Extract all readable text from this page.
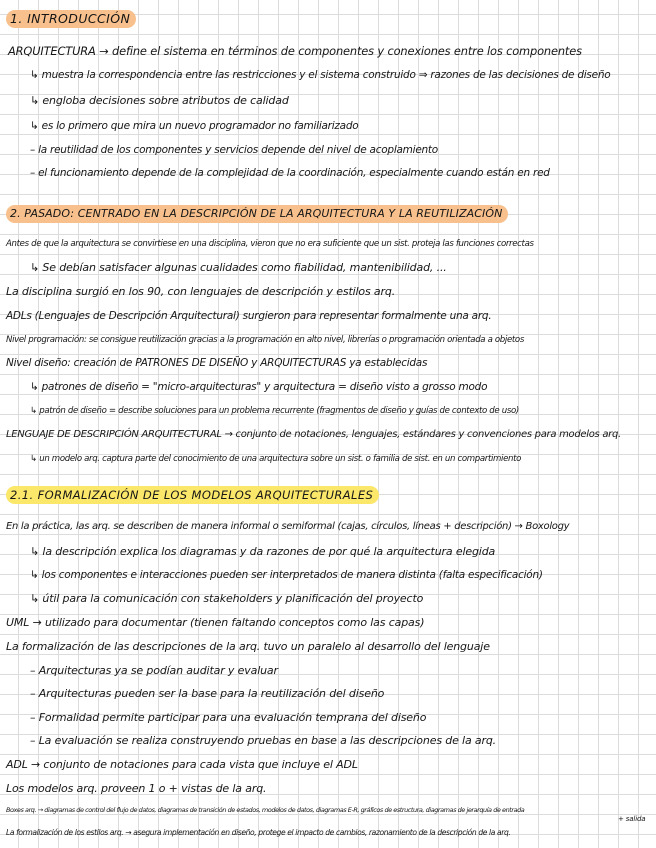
1. INTRODUCCIÓN
ARQUITECTURA → define el sistema en términos de componentes y conexiones entre los componentes
↳ muestra la correspondencia entre las restricciones y el sistema construido ⇒ razones de las decisiones de diseño
↳ engloba decisiones sobre atributos de calidad
↳ es lo primero que mira un nuevo programador no familiarizado
– la reutilidad de los componentes y servicios depende del nivel de acoplamiento
– el funcionamiento depende de la complejidad de la coordinación, especialmente cuando están en red
2. PASADO: CENTRADO EN LA DESCRIPCIÓN DE LA ARQUITECTURA Y LA REUTILIZACIÓN
Antes de que la arquitectura se convirtiese en una disciplina, vieron que no era suficiente que un sist. proteja las funciones correctas
↳ Se debían satisfacer algunas cualidades como fiabilidad, mantenibilidad, ...
La disciplina surgió en los 90, con lenguajes de descripción y estilos arq.
ADLs (Lenguajes de Descripción Arquitectural) surgieron para representar formalmente una arq.
Nivel programación: se consigue reutilización gracias a la programación en alto nivel, librerías o programación orientada a objetos
Nivel diseño: creación de PATRONES DE DISEÑO y ARQUITECTURAS ya establecidas
↳ patrones de diseño = "micro-arquitecturas" y arquitectura = diseño visto a grosso modo
↳ patrón de diseño = describe soluciones para un problema recurrente (fragmentos de diseño y guías de contexto de uso)
LENGUAJE DE DESCRIPCIÓN ARQUITECTURAL → conjunto de notaciones, lenguajes, estándares y convenciones para modelos arq.
↳ un modelo arq. captura parte del conocimiento de una arquitectura sobre un sist. o familia de sist. en un compartimiento
2.1. FORMALIZACIÓN DE LOS MODELOS ARQUITECTURALES
En la práctica, las arq. se describen de manera informal o semiformal (cajas, círculos, líneas + descripción) → Boxology
↳ la descripción explica los diagramas y da razones de por qué la arquitectura elegida
↳ los componentes e interacciones pueden ser interpretados de manera distinta (falta especificación)
↳ útil para la comunicación con stakeholders y planificación del proyecto
UML → utilizado para documentar (tienen faltando conceptos como las capas)
La formalización de las descripciones de la arq. tuvo un paralelo al desarrollo del lenguaje
– Arquitecturas ya se podían auditar y evaluar
– Arquitecturas pueden ser la base para la reutilización del diseño
– Formalidad permite participar para una evaluación temprana del diseño
– La evaluación se realiza construyendo pruebas en base a las descripciones de la arq.
ADL → conjunto de notaciones para cada vista que incluye el ADL
Los modelos arq. proveen 1 o + vistas de la arq.
Boxes arq. → diagramas de control del flujo de datos, diagramas de transición de estados, modelos de datos, diagramas E-R, gráficos de estructura, diagramas de jerarquía de entrada
+ salida
La formalización de los estilos arq. → asegura implementación en diseño, protege el impacto de cambios, razonamiento de la descripción de la arq.
